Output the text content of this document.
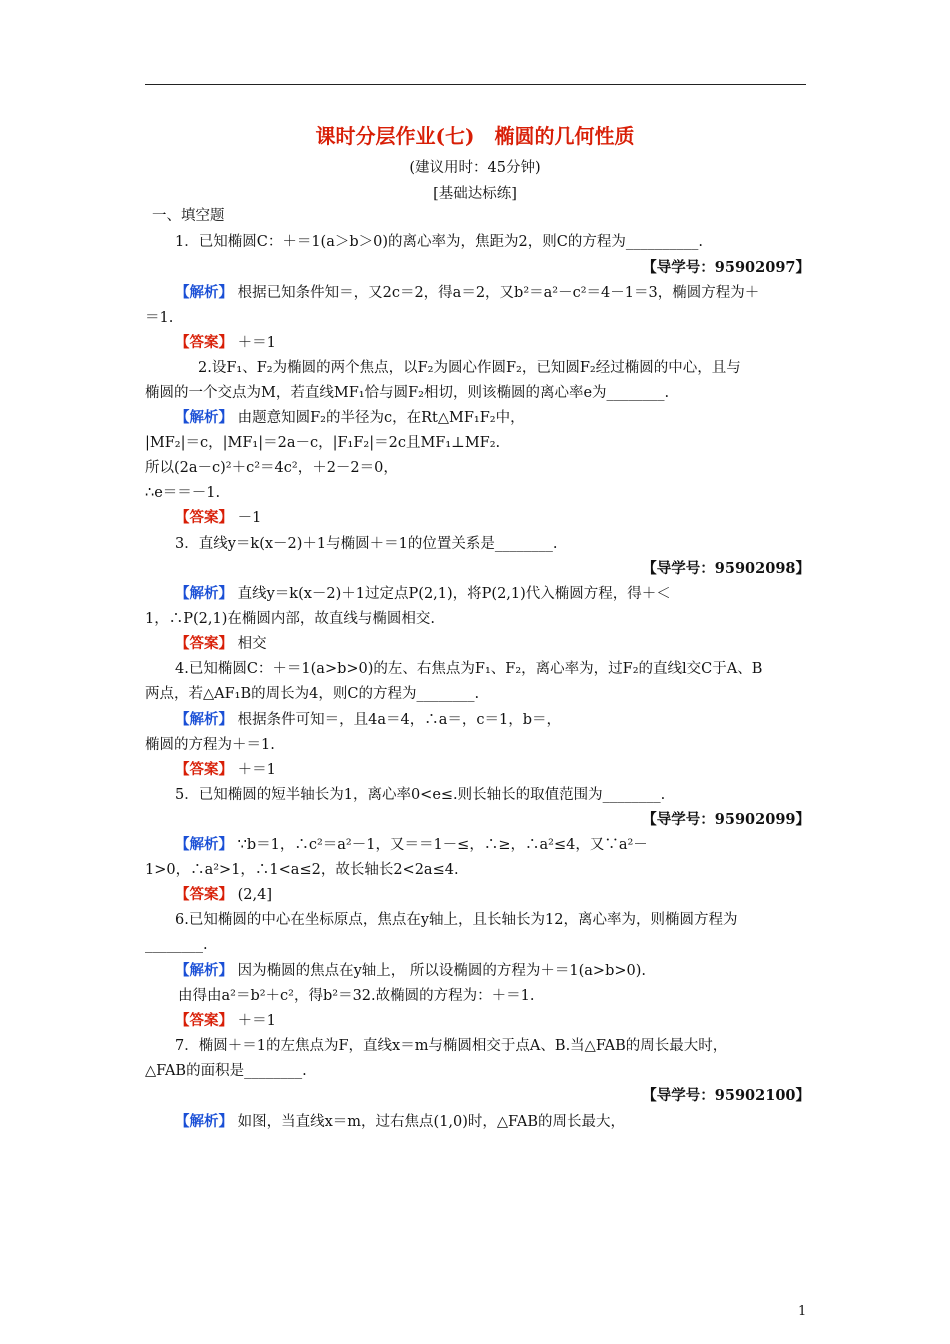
课时分层作业(七)　椭圆的几何性质
(建议用时：45分钟)
[基础达标练]
一、填空题
1．已知椭圆C：＋＝1(a＞b＞0)的离心率为，焦距为2，则C的方程为__________.
【导学号：95902097】
【解析】 根据已知条件知＝，又2c＝2，得a＝2，又b²＝a²－c²＝4－1＝3，椭圆方程为＋
＝1.
【答案】 ＋＝1
2.设F₁、F₂为椭圆的两个焦点，以F₂为圆心作圆F₂，已知圆F₂经过椭圆的中心，且与
椭圆的一个交点为M，若直线MF₁恰与圆F₂相切，则该椭圆的离心率e为________.
【解析】 由题意知圆F₂的半径为c，在Rt△MF₁F₂中，
|MF₂|＝c，|MF₁|＝2a－c，|F₁F₂|＝2c且MF₁⊥MF₂.
所以(2a－c)²＋c²＝4c²，＋2－2＝0，
∴e＝＝－1.
【答案】 －1
3．直线y＝k(x－2)＋1与椭圆＋＝1的位置关系是________.
【导学号：95902098】
【解析】 直线y＝k(x－2)＋1过定点P(2,1)，将P(2,1)代入椭圆方程，得＋＜
1，∴P(2,1)在椭圆内部，故直线与椭圆相交.
【答案】 相交
4.已知椭圆C：＋＝1(a>b>0)的左、右焦点为F₁、F₂，离心率为，过F₂的直线l交C于A、B
两点，若△AF₁B的周长为4，则C的方程为________.
【解析】 根据条件可知＝，且4a＝4，∴a＝，c＝1，b＝，
椭圆的方程为＋＝1.
【答案】 ＋＝1
5．已知椭圆的短半轴长为1，离心率0<e≤.则长轴长的取值范围为________.
【导学号：95902099】
【解析】 ∵b＝1，∴c²＝a²－1，又＝＝1－≤，∴≥，∴a²≤4，又∵a²－
1>0，∴a²>1，∴1<a≤2，故长轴长2<2a≤4.
【答案】 (2,4]
6.已知椭圆的中心在坐标原点，焦点在y轴上，且长轴长为12，离心率为，则椭圆方程为
________.
【解析】 因为椭圆的焦点在y轴上， 所以设椭圆的方程为＋＝1(a>b>0).
由得由a²＝b²＋c²，得b²＝32.故椭圆的方程为：＋＝1.
【答案】 ＋＝1
7．椭圆＋＝1的左焦点为F，直线x＝m与椭圆相交于点A、B.当△FAB的周长最大时，
△FAB的面积是________.
【导学号：95902100】
【解析】 如图，当直线x＝m，过右焦点(1,0)时，△FAB的周长最大，
1
